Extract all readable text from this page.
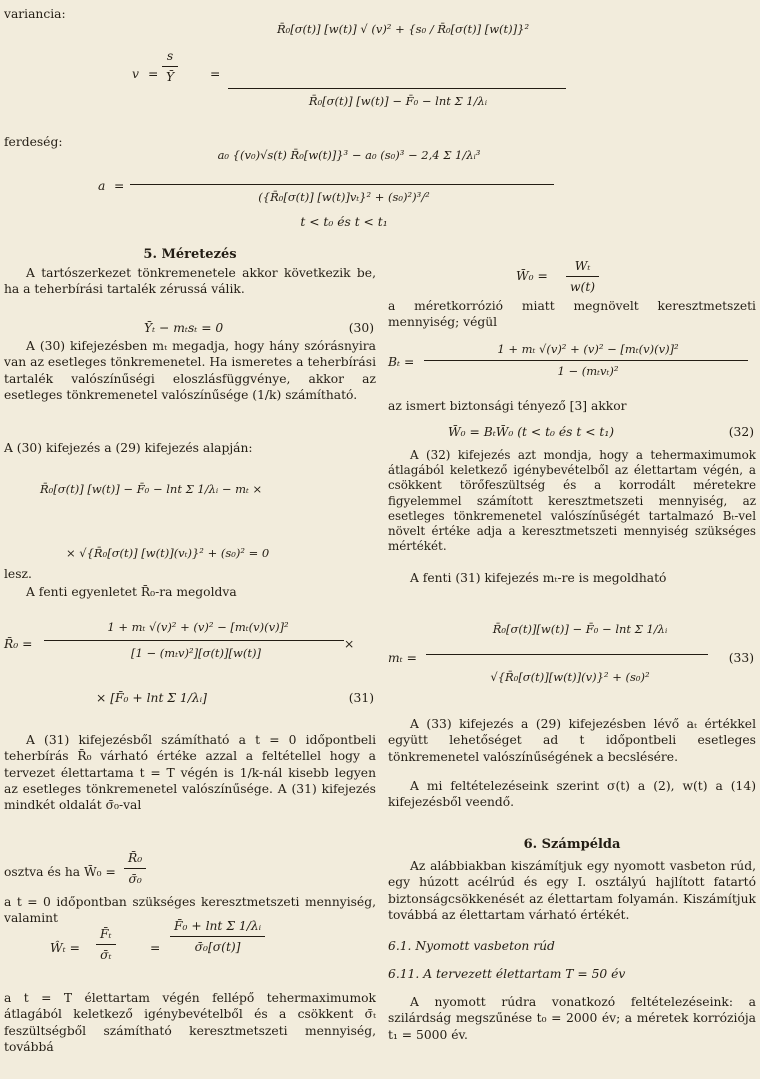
variancia:
$v = \frac{s}{Ȳ}$	=
R̄₀[σ(t)] [w(t)] √ (v)² + {s₀ / R̄₀[σ(t)] [w(t)]}²
R̄₀[σ(t)] [w(t)] − F̄₀ − lnt Σ 1/λᵢ
ferdeség:
a =
a₀ {(v₀)√s(t) R̄₀[w(t)]}³ − a₀ (s₀)³ − 2,4 Σ 1/λᵢ³
({R̄₀[σ(t)] [w(t)]vₜ}² + (s₀)²)³/²
t < t₀ és t < t₁

5. Méretezés

A tartószerkezet tönkremenetele akkor következik be, ha a teherbírási tartalék zérussá válik.

Ȳₜ − mₜsₜ = 0	(30)

A (30) kifejezésben mₜ megadja, hogy hány szórásnyira van az esetleges tönkremenetel. Ha ismeretes a teherbírási tartalék valószínűségi eloszlásfüggvénye, akkor az esetleges tönkremenetel valószínűsége (1/k) számítható.

A (30) kifejezés a (29) kifejezés alapján:

R̄₀[σ(t)] [w(t)] − F̄₀ − lnt Σ 1/λᵢ − mₜ ×
× √{R̄₀[σ(t)] [w(t)](vₜ)}² + (s₀)² = 0
lesz.

A fenti egyenletet R̄₀-ra megoldva

R̄₀ =
1 + mₜ √(v)² + (v)² − [mₜ(v)(v)]²
[1 − (mₜv)²][σ(t)][w(t)]
×
× [F̄₀ + lnt Σ 1/λᵢ]	(31)

A (31) kifejezésből számítható a t = 0 időpontbeli teherbírás R̄₀ várható értéke azzal a feltétellel hogy a tervezet élettartama t = T végén is 1/k-nál kisebb legyen az esetleges tönkremenetel valószínűsége. A (31) kifejezés mindkét oldalát σ̄₀-val

osztva és ha W̄₀ = $\frac{\text{R̄₀}}{\text{σ̄₀}}$

a t = 0 időpontban szükséges keresztmetszeti mennyiség, valamint

Ŵₜ = $\frac{\text{F̄ₜ}}{\text{σ̄ₜ}}$	= $\frac{\text{F̄₀ + lnt Σ 1/λᵢ}}{\text{σ̄₀[σ(t)]}}$

a t = T élettartam végén fellépő tehermaximumok átlagából keletkező igénybevételből és a csökkent σ̄ₜ feszültségből számítható keresztmetszeti mennyiség, továbbá

W̄₀ = $\frac{\text{Wₜ}}{w(t)}$

a méretkorrózió miatt megnövelt keresztmetszeti mennyiség; végül

Bₜ =
1 + mₜ √(v)² + (v)² − [mₜ(v)(v)]²
1 − (mₜvₜ)²

az ismert biztonsági tényező [3] akkor

W̄₀ = BₜW̄₀ (t < t₀ és t < t₁)	(32)

A (32) kifejezés azt mondja, hogy a tehermaximumok átlagából keletkező igénybevételből az élettartam végén, a csökkent törőfeszültség és a korrodált méretekre figyelemmel számított keresztmetszeti mennyiség, az esetleges tönkremenetel valószínűségét tartalmazó Bₜ-vel növelt értéke adja a keresztmetszeti mennyiség szükséges mértékét.

A fenti (31) kifejezés mₜ-re is megoldható

mₜ =
R̄₀[σ(t)][w(t)] − F̄₀ − lnt Σ 1/λᵢ
√{R̄₀[σ(t)][w(t)](v)}² + (s₀)²
(33)

A (33) kifejezés a (29) kifejezésben lévő aₜ értékkel együtt lehetőséget ad t időpontbeli esetleges tönkremenetel valószínűségének a becslésére.

A mi feltételezéseink szerint σ(t) a (2), w(t) a (14) kifejezésből veendő.

6. Számpélda

Az alábbiakban kiszámítjuk egy nyomott vasbeton rúd, egy húzott acélrúd és egy I. osztályú hajlított fatartó biztonságcsökkenését az élettartam folyamán. Kiszámítjuk továbbá az élettartam várható értékét.

6.1. Nyomott vasbeton rúd

6.11. A tervezett élettartam T = 50 év

A nyomott rúdra vonatkozó feltételezéseink: a szilárdság megszűnése t₀ = 2000 év; a méretek korróziója t₁ = 5000 év.
